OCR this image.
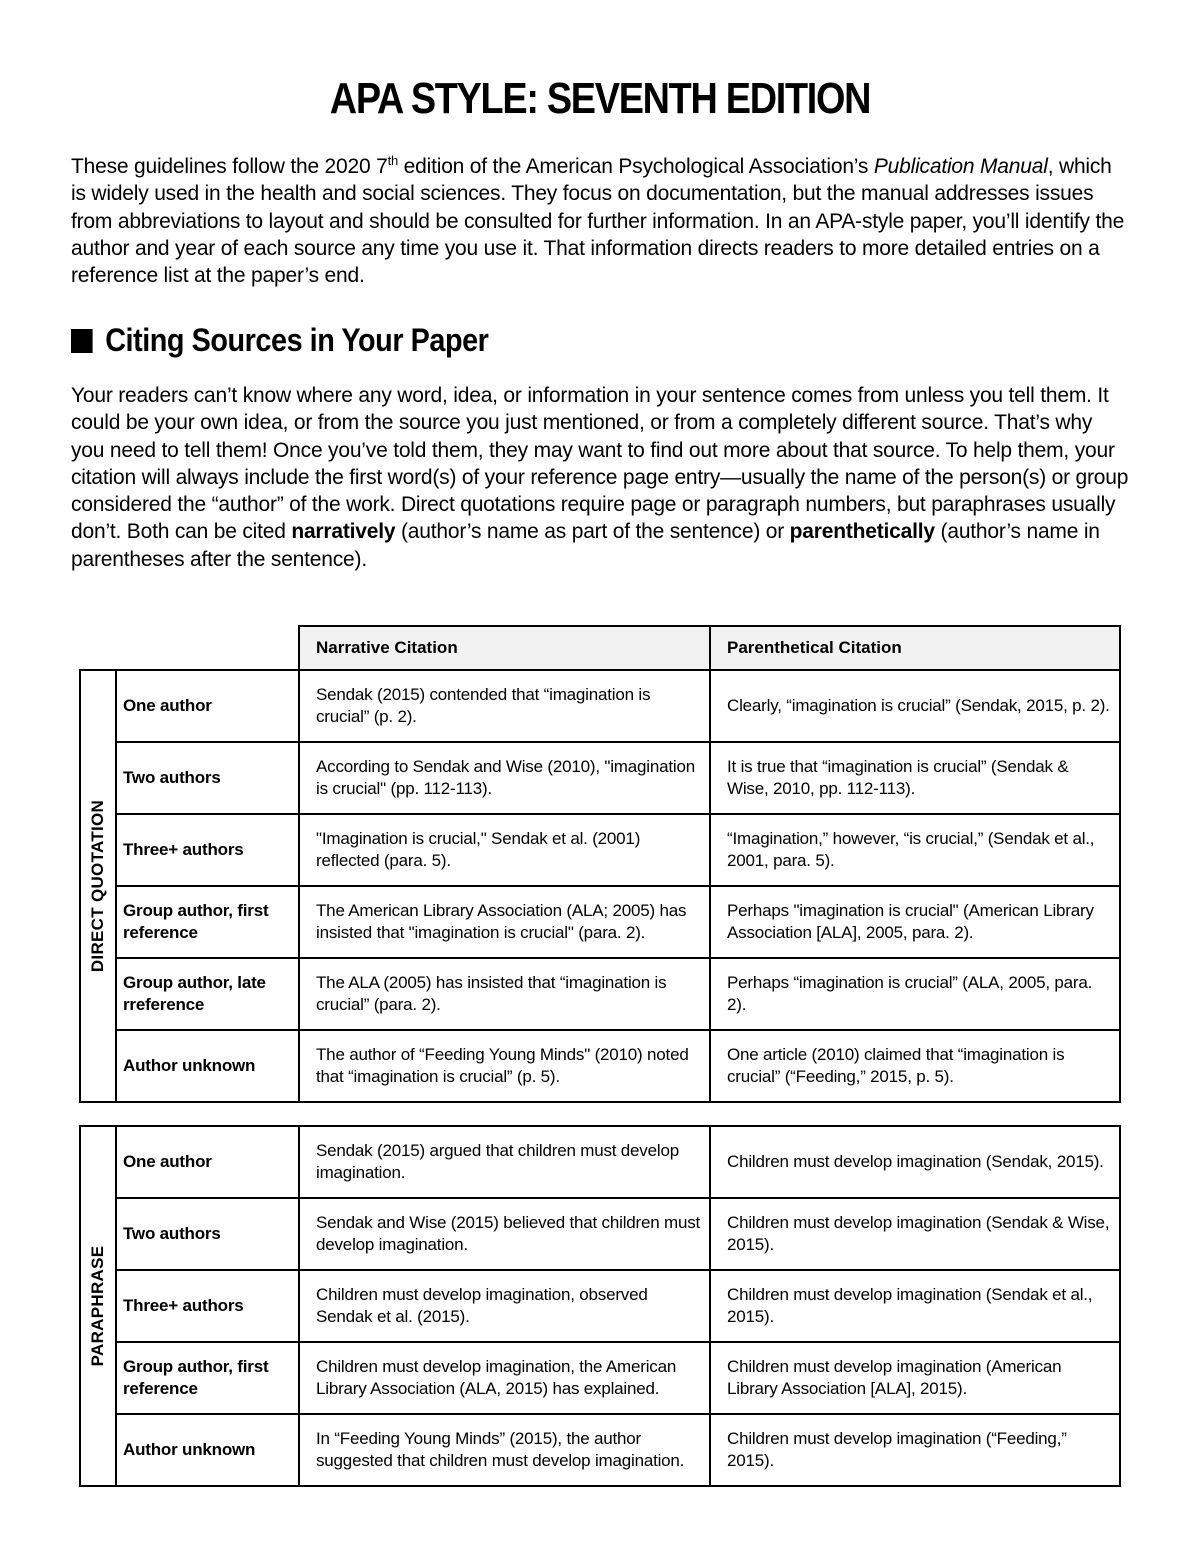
APA STYLE: SEVENTH EDITION

These guidelines follow the 2020 7th edition of the American Psychological Association’s Publication Manual, which is widely used in the health and social sciences. They focus on documentation, but the manual addresses issues from abbreviations to layout and should be consulted for further information. In an APA-style paper, you’ll identify the author and year of each source any time you use it. That information directs readers to more detailed entries on a reference list at the paper’s end.

Citing Sources in Your Paper

Your readers can’t know where any word, idea, or information in your sentence comes from unless you tell them. It could be your own idea, or from the source you just mentioned, or from a completely different source. That’s why you need to tell them! Once you’ve told them, they may want to find out more about that source. To help them, your citation will always include the first word(s) of your reference page entry—usually the name of the person(s) or group considered the “author” of the work. Direct quotations require page or paragraph numbers, but paraphrases usually don’t. Both can be cited narratively (author’s name as part of the sentence) or parenthetically (author’s name in parentheses after the sentence).

		Narrative Citation	Parenthetical Citation

DIRECT QUOTATION	One author	Sendak (2015) contended that “imagination is crucial” (p. 2).	Clearly, “imagination is crucial” (Sendak, 2015, p. 2).
	Two authors	According to Sendak and Wise (2010), "imagination is crucial" (pp. 112-113).	It is true that “imagination is crucial” (Sendak & Wise, 2010, pp. 112-113).
	Three+ authors	"Imagination is crucial," Sendak et al. (2001) reflected (para. 5).	“Imagination,” however, “is crucial,” (Sendak et al., 2001, para. 5).
	Group author, first reference	The American Library Association (ALA; 2005) has insisted that "imagination is crucial" (para. 2).	Perhaps "imagination is crucial" (American Library Association [ALA], 2005, para. 2).
	Group author, late rreference	The ALA (2005) has insisted that “imagination is crucial” (para. 2).	Perhaps “imagination is crucial” (ALA, 2005, para. 2).
	Author unknown	The author of “Feeding Young Minds" (2010) noted that “imagination is crucial” (p. 5).	One article (2010) claimed that “imagination is crucial” (“Feeding,” 2015, p. 5).
PARAPHRASE	One author	Sendak (2015) argued that children must develop imagination.	Children must develop imagination (Sendak, 2015).
	Two authors	Sendak and Wise (2015) believed that children must develop imagination.	Children must develop imagination (Sendak & Wise, 2015).
	Three+ authors	Children must develop imagination, observed Sendak et al. (2015).	Children must develop imagination (Sendak et al., 2015).
	Group author, first reference	Children must develop imagination, the American Library Association (ALA, 2015) has explained.	Children must develop imagination (American Library Association [ALA], 2015).
	Author unknown	In “Feeding Young Minds” (2015), the author suggested that children must develop imagination.	Children must develop imagination (“Feeding,” 2015).
